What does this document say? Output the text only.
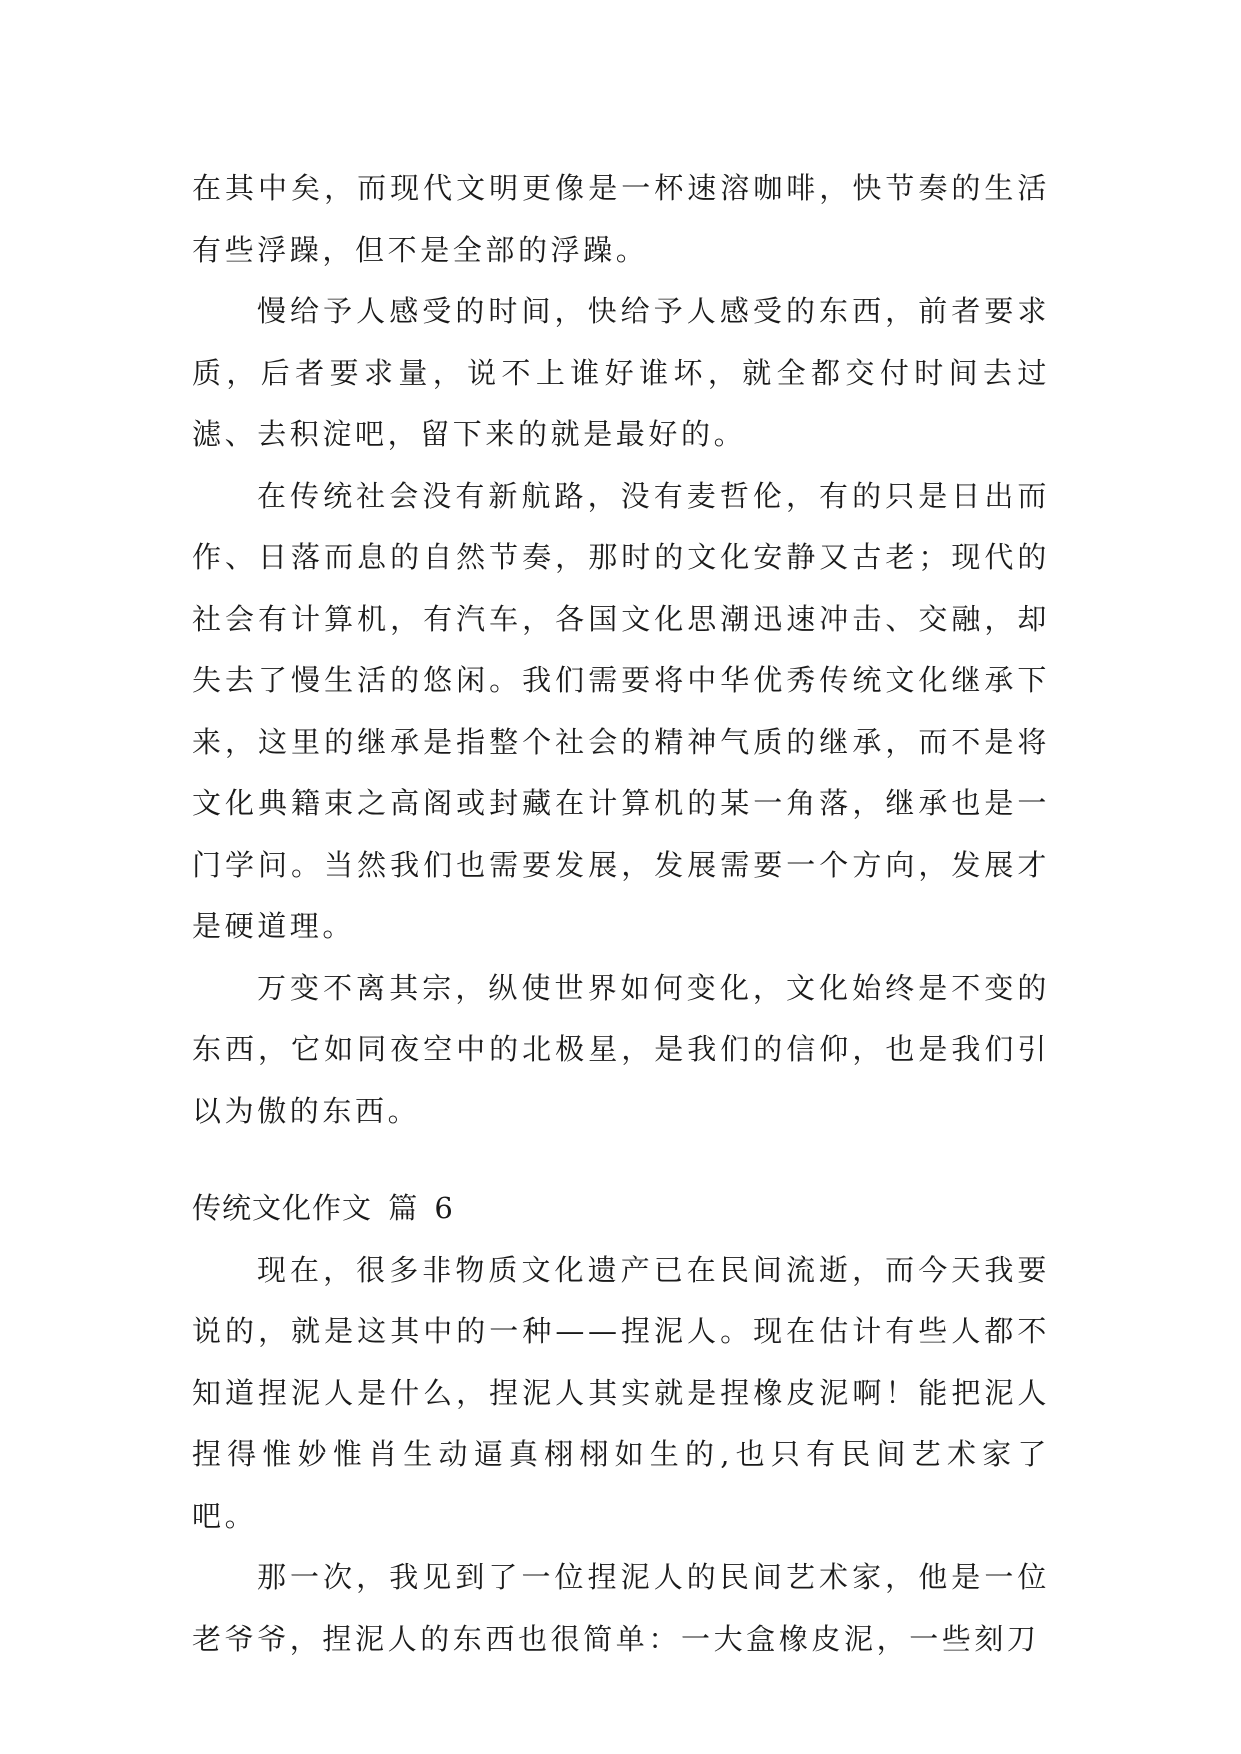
在其中矣，而现代文明更像是一杯速溶咖啡，快节奏的生活有些浮躁，但不是全部的浮躁。

慢给予人感受的时间，快给予人感受的东西，前者要求质，后者要求量，说不上谁好谁坏，就全都交付时间去过滤、去积淀吧，留下来的就是最好的。

在传统社会没有新航路，没有麦哲伦，有的只是日出而作、日落而息的自然节奏，那时的文化安静又古老；现代的社会有计算机，有汽车，各国文化思潮迅速冲击、交融，却失去了慢生活的悠闲。我们需要将中华优秀传统文化继承下来，这里的继承是指整个社会的精神气质的继承，而不是将文化典籍束之高阁或封藏在计算机的某一角落，继承也是一门学问。当然我们也需要发展，发展需要一个方向，发展才是硬道理。

万变不离其宗，纵使世界如何变化，文化始终是不变的东西，它如同夜空中的北极星，是我们的信仰，也是我们引以为傲的东西。

传统文化作文 篇 6

现在，很多非物质文化遗产已在民间流逝，而今天我要说的，就是这其中的一种——捏泥人。现在估计有些人都不知道捏泥人是什么，捏泥人其实就是捏橡皮泥啊！能把泥人捏得惟妙惟肖生动逼真栩栩如生的,也只有民间艺术家了吧。

那一次，我见到了一位捏泥人的民间艺术家，他是一位老爷爷，捏泥人的东西也很简单：一大盒橡皮泥，一些刻刀
